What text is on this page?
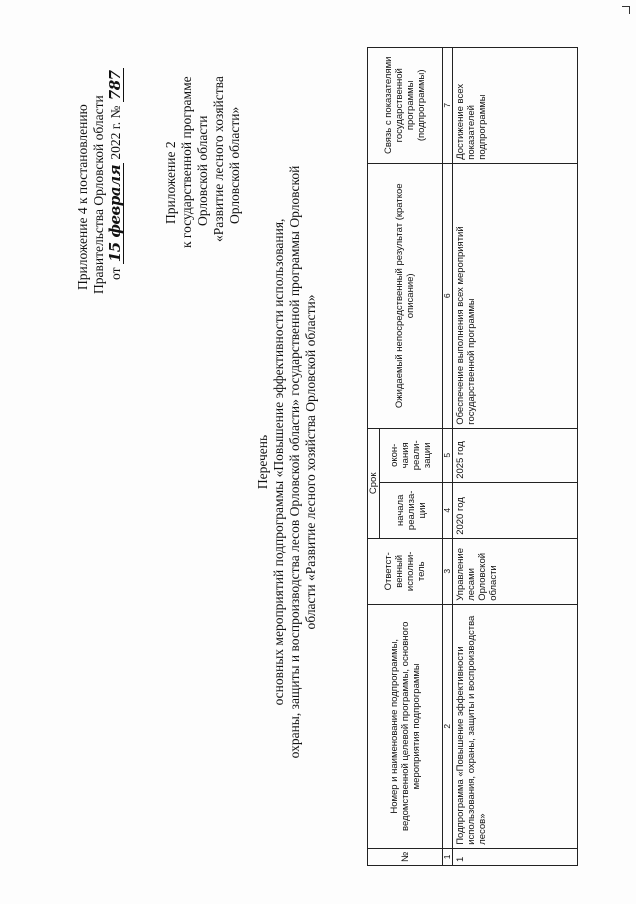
Приложение 4 к постановлению Правительства Орловской области от 15 февраля 2022 г. № 787
Приложение 2 к государственной программе Орловской области «Развитие лесного хозяйства Орловской области»
Перечень основных мероприятий подпрограммы «Повышение эффективности использования, охраны, защиты и воспроизводства лесов Орловской области» государственной программы Орловской области «Развитие лесного хозяйства Орловской области»
№	Номер и наименование подпрограммы, ведомственной целевой программы, основного мероприятия подпрограммы	Ответст-венный исполни-тель	Срок		Ожидаемый непосредственный результат (краткое описание)	Связь с показателями государственной программы (подпрограммы)
			начала реализа-ции	окон-чания реали-зации		
1	2	3	4	5	6	7
1	Подпрограмма «Повышение эффективности использования, охраны, защиты и воспроизводства лесов»	Управление лесами Орловской области	2020 год	2025 год	Обеспечение выполнения всех мероприятий государственной программы	Достижение всех показателей подпрограммы
